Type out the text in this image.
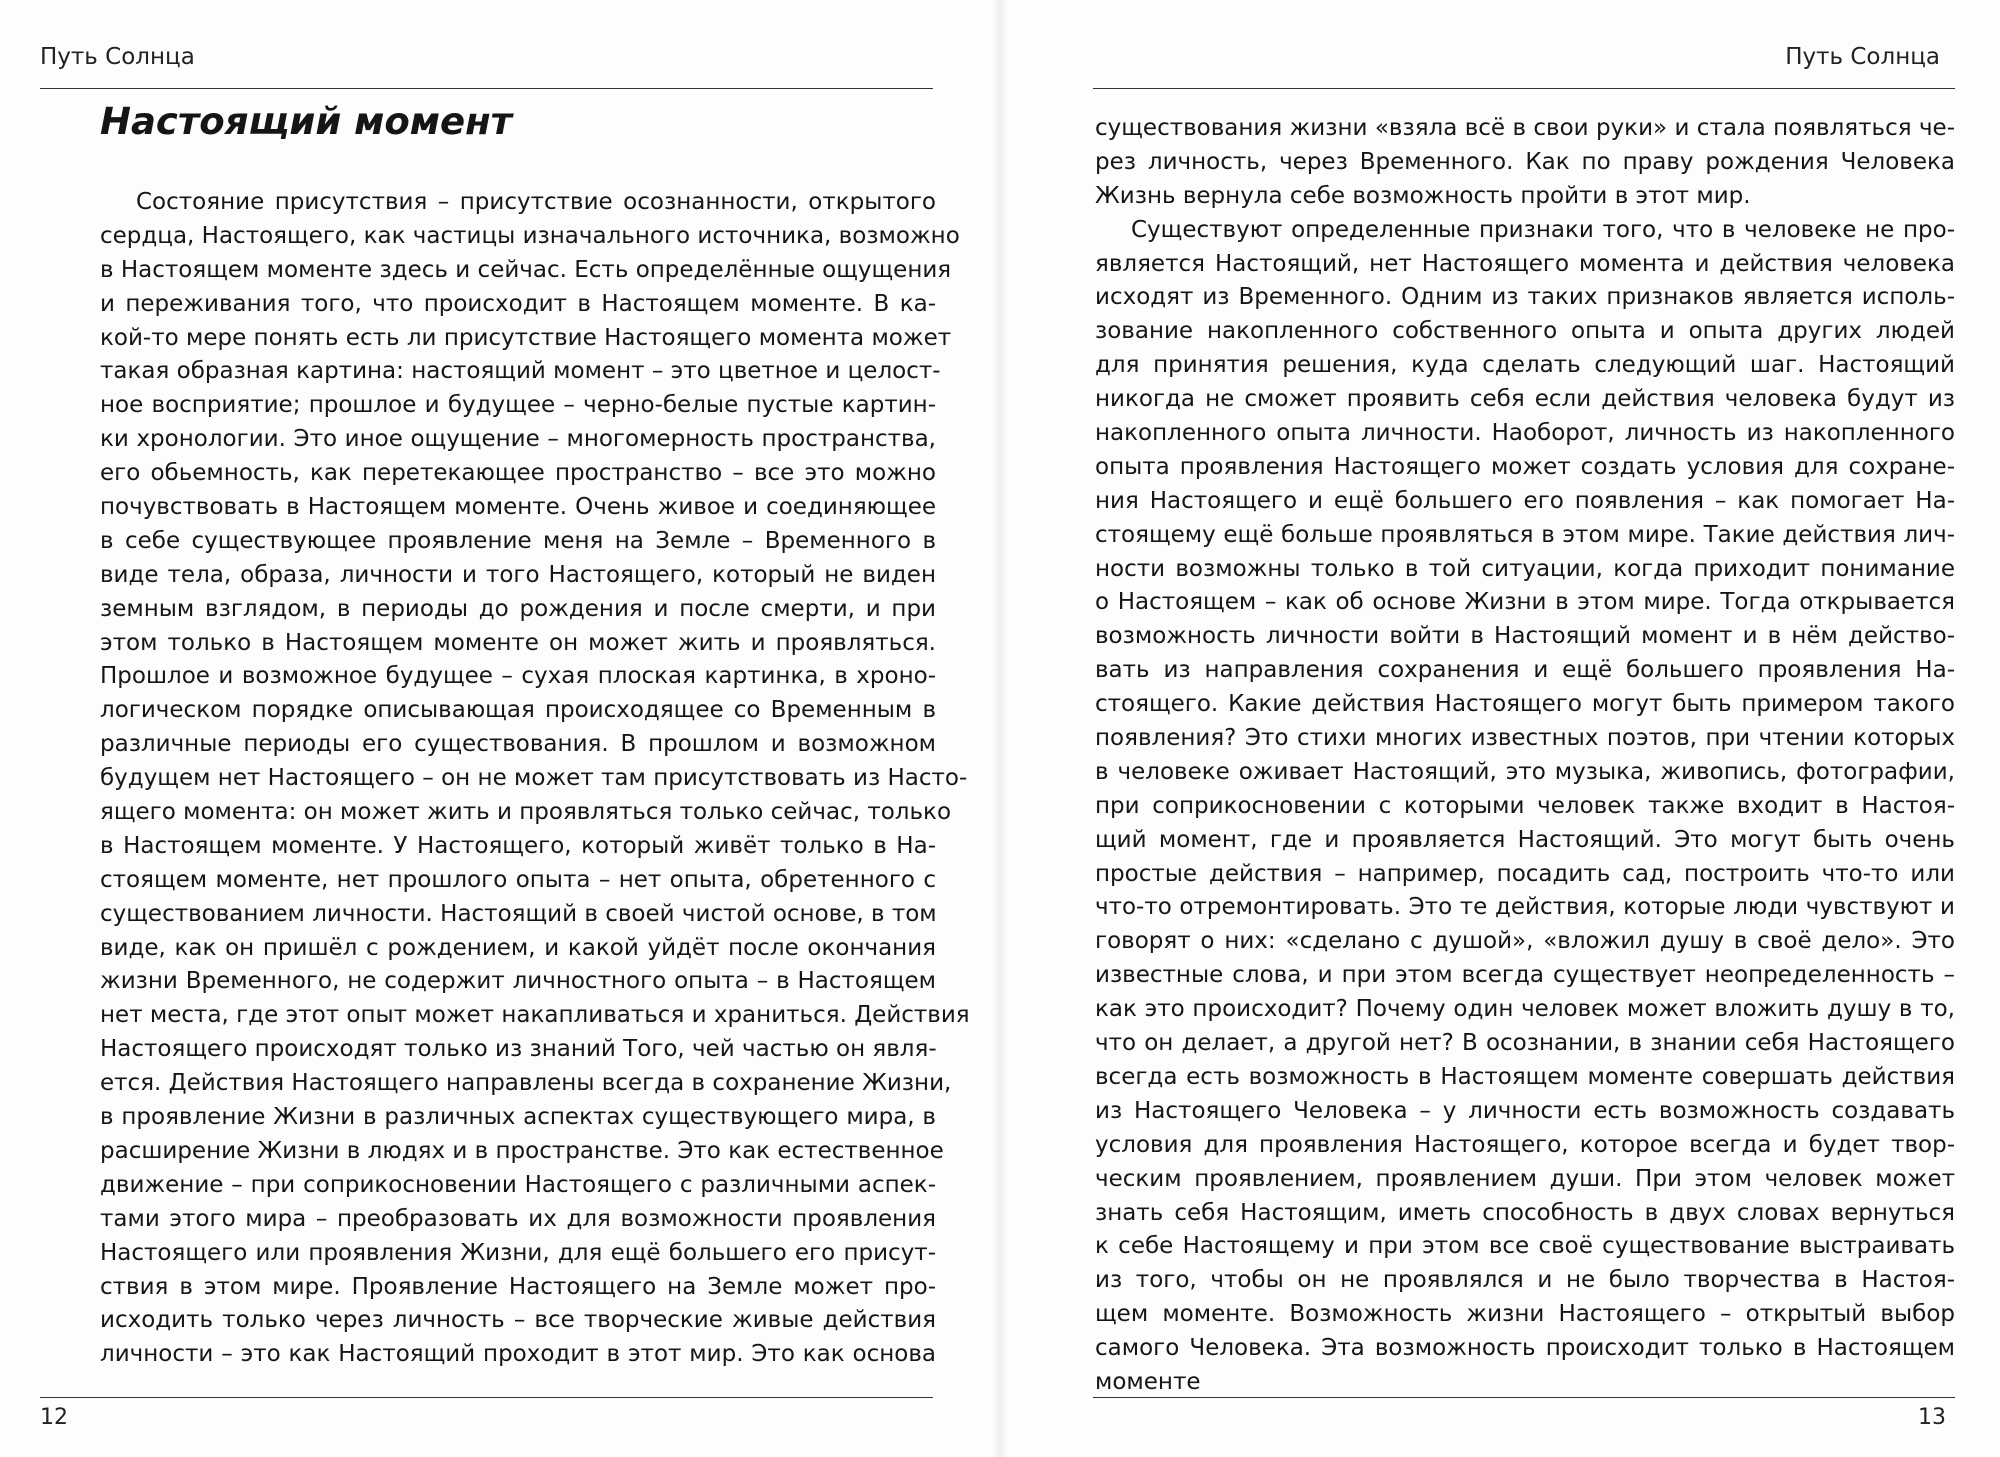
Путь Солнца
Настоящий момент
Состояние присутствия – присутствие осознанности, открытого
сердца, Настоящего, как частицы изначального источника, возможно
в Настоящем моменте здесь и сейчас. Есть определённые ощущения
и переживания того, что происходит в Настоящем моменте. В ка-
кой-то мере понять есть ли присутствие Настоящего момента может
такая образная картина: настоящий момент – это цветное и целост-
ное восприятие; прошлое и будущее – черно-белые пустые картин-
ки хронологии. Это иное ощущение – многомерность пространства,
его обьемность, как перетекающее пространство – все это можно
почувствовать в Настоящем моменте. Очень живое и соединяющее
в себе существующее проявление меня на Земле – Временного в
виде тела, образа, личности и того Настоящего, который не виден
земным взглядом, в периоды до рождения и после смерти, и при
этом только в Настоящем моменте он может жить и проявляться.
Прошлое и возможное будущее – сухая плоская картинка, в хроно-
логическом порядке описывающая происходящее со Временным в
различные периоды его существования. В прошлом и возможном
будущем нет Настоящего – он не может там присутствовать из Насто-
ящего момента: он может жить и проявляться только сейчас, только
в Настоящем моменте. У Настоящего, который живёт только в На-
стоящем моменте, нет прошлого опыта – нет опыта, обретенного с
существованием личности. Настоящий в своей чистой основе, в том
виде, как он пришёл с рождением, и какой уйдёт после окончания
жизни Временного, не содержит личностного опыта – в Настоящем
нет места, где этот опыт может накапливаться и храниться. Действия
Настоящего происходят только из знаний Того, чей частью он явля-
ется. Действия Настоящего направлены всегда в сохранение Жизни,
в проявление Жизни в различных аспектах существующего мира, в
расширение Жизни в людях и в пространстве. Это как естественное
движение – при соприкосновении Настоящего с различными аспек-
тами этого мира – преобразовать их для возможности проявления
Настоящего или проявления Жизни, для ещё большего его присут-
ствия в этом мире. Проявление Настоящего на Земле может про-
исходить только через личность – все творческие живые действия
личности – это как Настоящий проходит в этот мир. Это как основа
12
Путь Солнца
существования жизни «взяла всё в свои руки» и стала появляться че-
рез личность, через Временного. Как по праву рождения Человека
Жизнь вернула себе возможность пройти в этот мир.
Существуют определенные признаки того, что в человеке не про-
является Настоящий, нет Настоящего момента и действия человека
исходят из Временного. Одним из таких признаков является исполь-
зование накопленного собственного опыта и опыта других людей
для принятия решения, куда сделать следующий шаг. Настоящий
никогда не сможет проявить себя если действия человека будут из
накопленного опыта личности. Наоборот, личность из накопленного
опыта проявления Настоящего может создать условия для сохране-
ния Настоящего и ещё большего его появления – как помогает На-
стоящему ещё больше проявляться в этом мире. Такие действия лич-
ности возможны только в той ситуации, когда приходит понимание
о Настоящем – как об основе Жизни в этом мире. Тогда открывается
возможность личности войти в Настоящий момент и в нём действо-
вать из направления сохранения и ещё большего проявления На-
стоящего. Какие действия Настоящего могут быть примером такого
появления? Это стихи многих известных поэтов, при чтении которых
в человеке оживает Настоящий, это музыка, живопись, фотографии,
при соприкосновении с которыми человек также входит в Настоя-
щий момент, где и проявляется Настоящий. Это могут быть очень
простые действия – например, посадить сад, построить что-то или
что-то отремонтировать. Это те действия, которые люди чувствуют и
говорят о них: «сделано с душой», «вложил душу в своё дело». Это
известные слова, и при этом всегда существует неопределенность –
как это происходит? Почему один человек может вложить душу в то,
что он делает, а другой нет? В осознании, в знании себя Настоящего
всегда есть возможность в Настоящем моменте совершать действия
из Настоящего Человека – у личности есть возможность создавать
условия для проявления Настоящего, которое всегда и будет твор-
ческим проявлением, проявлением души. При этом человек может
знать себя Настоящим, иметь способность в двух словах вернуться
к себе Настоящему и при этом все своё существование выстраивать
из того, чтобы он не проявлялся и не было творчества в Настоя-
щем моменте. Возможность жизни Настоящего – открытый выбор
самого Человека. Эта возможность происходит только в Настоящем
моменте
13
